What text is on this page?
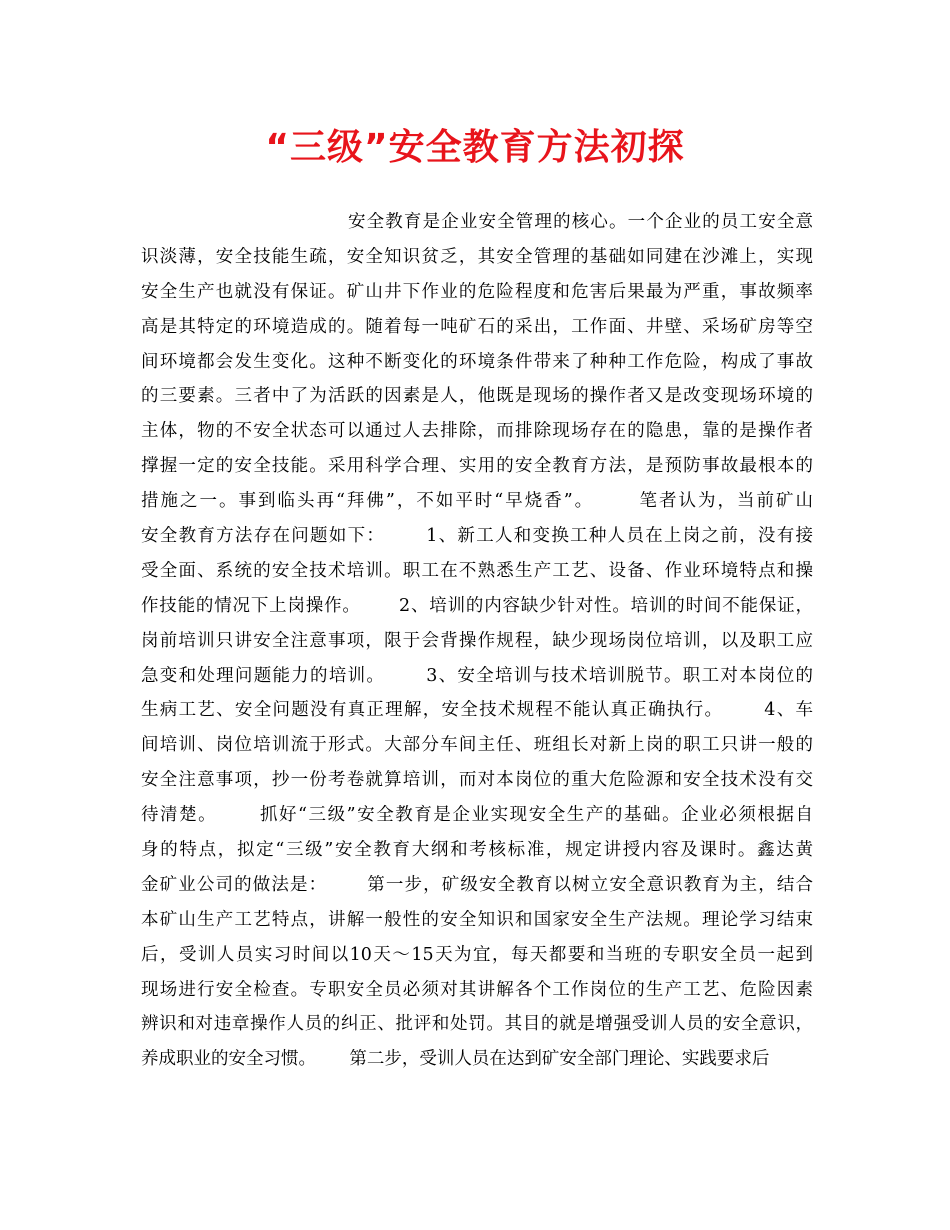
“三级”安全教育方法初探

安全教育是企业安全管理的核心。一个企业的员工安全意

识淡薄，安全技能生疏，安全知识贫乏，其安全管理的基础如同建在沙滩上，实现

安全生产也就没有保证。矿山井下作业的危险程度和危害后果最为严重，事故频率

高是其特定的环境造成的。随着每一吨矿石的采出，工作面、井壁、采场矿房等空

间环境都会发生变化。这种不断变化的环境条件带来了种种工作危险，构成了事故

的三要素。三者中了为活跃的因素是人，他既是现场的操作者又是改变现场环境的

主体，物的不安全状态可以通过人去排除，而排除现场存在的隐患，靠的是操作者

撑握一定的安全技能。采用科学合理、实用的安全教育方法，是预防事故最根本的

措施之一。事到临头再“拜佛”，不如平时“早烧香”。      笔者认为，当前矿山

安全教育方法存在问题如下：      1、新工人和变换工种人员在上岗之前，没有接

受全面、系统的安全技术培训。职工在不熟悉生产工艺、设备、作业环境特点和操

作技能的情况下上岗操作。      2、培训的内容缺少针对性。培训的时间不能保证，

岗前培训只讲安全注意事项，限于会背操作规程，缺少现场岗位培训，以及职工应

急变和处理问题能力的培训。      3、安全培训与技术培训脱节。职工对本岗位的

生病工艺、安全问题没有真正理解，安全技术规程不能认真正确执行。      4、车

间培训、岗位培训流于形式。大部分车间主任、班组长对新上岗的职工只讲一般的

安全注意事项，抄一份考卷就算培训，而对本岗位的重大危险源和安全技术没有交

待清楚。      抓好“三级”安全教育是企业实现安全生产的基础。企业必须根据自

身的特点，拟定“三级”安全教育大纲和考核标准，规定讲授内容及课时。鑫达黄

金矿业公司的做法是：      第一步，矿级安全教育以树立安全意识教育为主，结合

本矿山生产工艺特点，讲解一般性的安全知识和国家安全生产法规。理论学习结束

后，受训人员实习时间以10天～15天为宜，每天都要和当班的专职安全员一起到

现场进行安全检查。专职安全员必须对其讲解各个工作岗位的生产工艺、危险因素

辨识和对违章操作人员的纠正、批评和处罚。其目的就是增强受训人员的安全意识，

养成职业的安全习惯。      第二步，受训人员在达到矿安全部门理论、实践要求后
